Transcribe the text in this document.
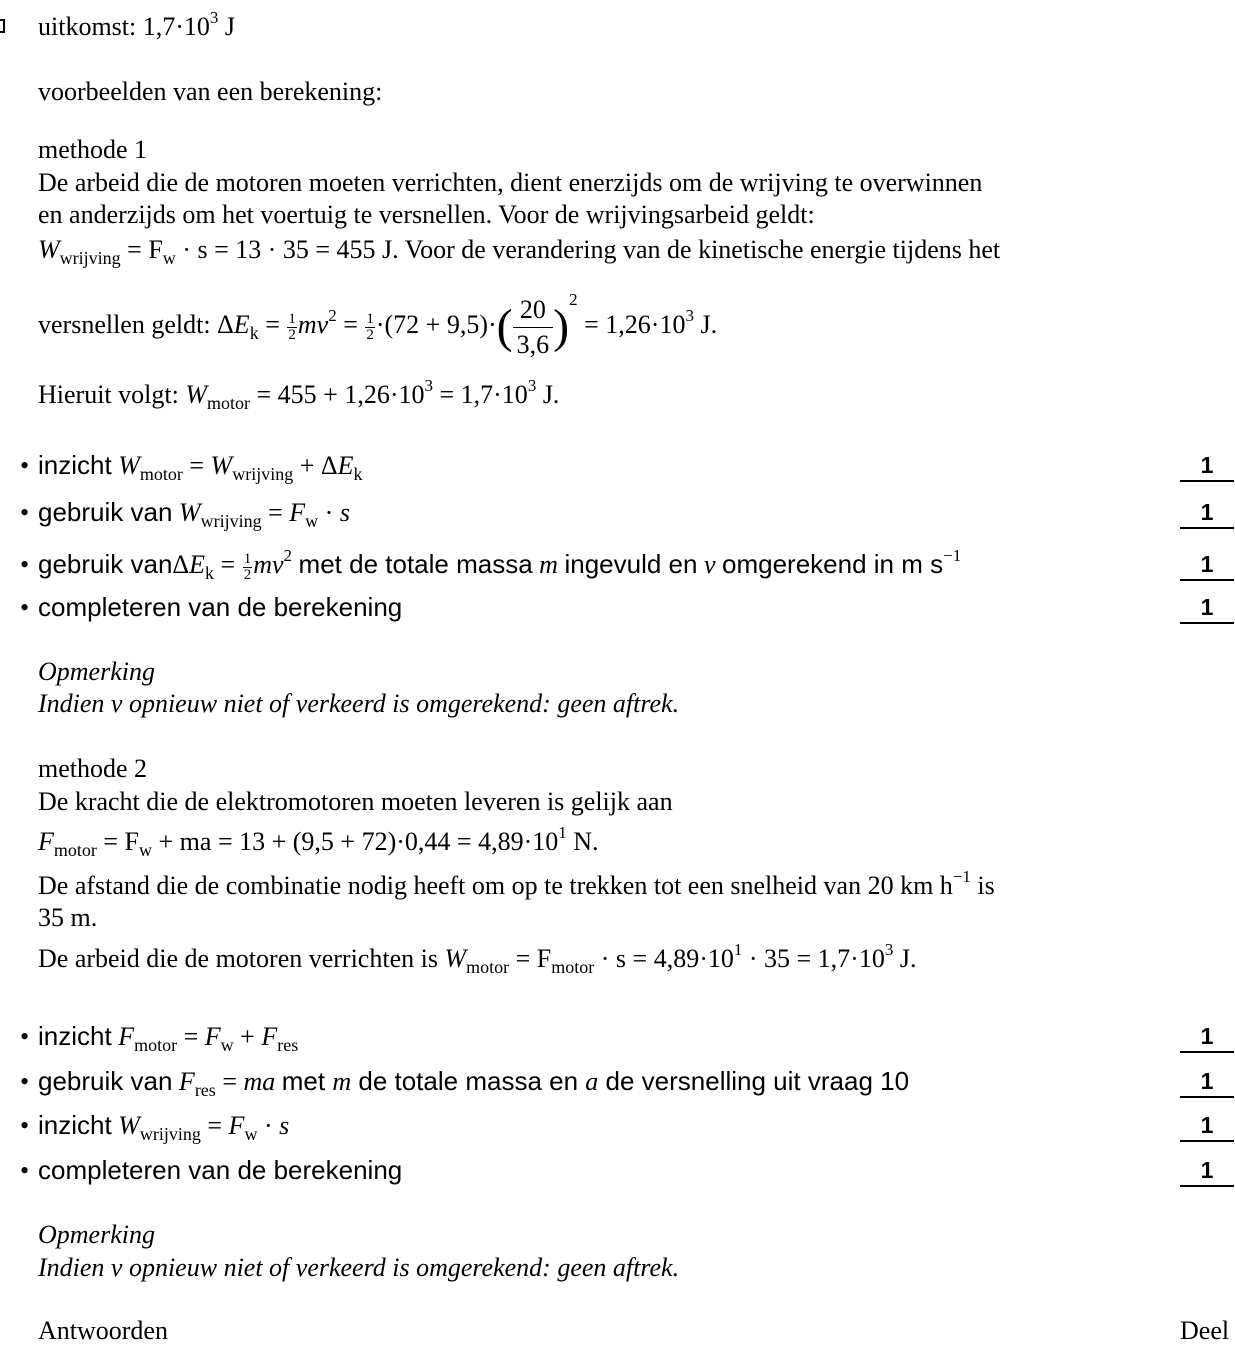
uitkomst: $1,7\cdot 10^3$ J
voorbeelden van een berekening:
methode 1
De arbeid die de motoren moeten verrichten, dient enerzijds om de wrijving te overwinnen
en anderzijds om het voertuig te versnellen. Voor de wrijvingsarbeid geldt:
$W_{wrijving} = F_w \cdot s = 13 \cdot 35 = 455$ J. Voor de verandering van de kinetische energie tijdens het
versnellen geldt: $\Delta E_k = \frac{1}{2} mv^2 = \frac{1}{2} \cdot(72 + 9,5)\cdot( \frac{20}{3,6} )^2 = 1,26\cdot 10^3$ J.
Hieruit volgt: $W_{motor} = 455 + 1,26\cdot 10^3 = 1,7\cdot 10^3$ J.
• inzicht $W_{motor} = W_{wrijving} + \Delta E_k$	1
• gebruik van $W_{wrijving} = F_w \cdot s$	1
• gebruik $van\Delta E_k = \frac{1}{2} mv^2$ met de totale massa m ingevuld en v omgerekend in m $s^{-1}$	1
• completeren van de berekening	1
Opmerking
Indien v opnieuw niet of verkeerd is omgerekend: geen aftrek.
methode 2
De kracht die de elektromotoren moeten leveren is gelijk aan
$F_{motor} = F_w$ + ma = $13 + (9,5 + 72)\cdot 0,44 = 4,89\cdot 10^1$ N.
De afstand die de combinatie nodig heeft om op te trekken tot een snelheid van 20 km $h^{-1}$ is
35 m.
De arbeid die de motoren verrichten is $W_{motor} = F_{motor} \cdot s = 4,89\cdot 10^1 \cdot 35 = 1,7\cdot 10^3$ J.
• inzicht $F_{motor} = F_w + F_{res}$	1
• gebruik van $F_{res}$ = ma met m de totale massa en a de versnelling uit vraag 10	1
• inzicht $W_{wrijving} = F_w \cdot s$	1
• completeren van de berekening	1
Opmerking
Indien v opnieuw niet of verkeerd is omgerekend: geen aftrek.
Antwoorden	Deel
